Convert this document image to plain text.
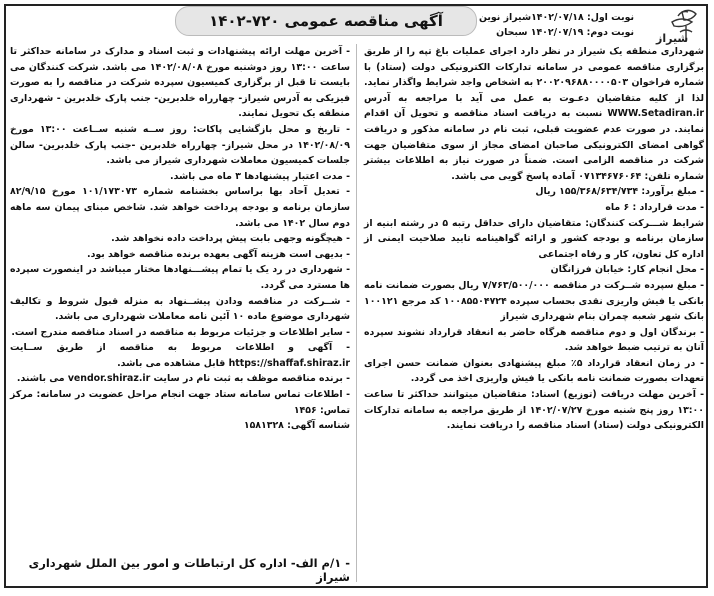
آگهی مناقصه عمومی ۷۲۰-۱۴۰۲
شیراز
نوبت اول: ۱۴۰۲/۰۷/۱۸شیراز نوین
نوبت دوم: ۱۴۰۲/۰۷/۱۹ سبحان

شهرداری منطقه یک شیراز در نظر دارد اجرای عملیات باغ تپه را از طریق برگزاری مناقصه عمومی در سامانه تدارکات الکترونیکی دولت (ستاد) با شماره فراخوان ۲۰۰۲۰۹۶۸۸۰۰۰۰۵۰۳ به اشخاص واجد شرایط واگذار نماید. لذا از کلیه متقاضیان دعـوت به عمل می آید با مراجعه به آدرس WWW.Setadiran.ir نسبت به دریافت اسناد مناقصه و تحویل آن اقدام نمایند. در صورت عدم عضویت قبلی، ثبت نام در سامانه مذکور و دریافت گواهی امضای الکترونیکی صاحبان امضای مجاز از سوی متقاضیان جهت شرکت در مناقصه الزامی است. ضمناً در صورت نیاز به اطلاعات بیشتر شماره تلفن: ۰۷۱۳۴۶۷۶۰۶۴ آماده پاسخ گویی می باشد.

- مبلغ برآورد: ۱۵۵/۳۶۸/۶۳۴/۷۳۴ ریال

- مدت قرارداد : ۶ ماه

شرایط شـــرکت کنندگان: متقاضیان دارای حداقل رتبه ۵ در رشته ابنیه از سازمان برنامه و بودجه کشور و ارائه گواهینامه تایید صلاحیت ایمنی از اداره کل تعاون، کار و رفاه اجتماعی

- محل انجام کار: خیابان فرزانگان

- مبلغ سپرده شــرکت در مناقصه ۷/۷۶۳/۵۰۰/۰۰۰ ریال بصورت ضمانت نامه بانکی یا فیش واریزی نقدی بحساب سپرده ۱۰۰۸۵۵۰۴۷۲۴ کد مرجع ۱۰۰۱۲۱ بانک شهر شعبه چمران بنام شهرداری شیراز

- برندگان اول و دوم مناقصه هرگاه حاضر به انعقاد قرارداد نشوند سپرده آنان به ترتیب ضبط خواهد شد.

- در زمان انعقاد قرارداد ۵٪ مبلغ پیشنهادی بعنوان ضمانت حسن اجرای تعهدات بصورت ضمانت نامه بانکی یا فیش واریزی اخذ می گردد.

- آخرین مهلت دریافت (توزیع) اسناد: متقاضیان میتوانند حداکثر تا ساعت ۱۳:۰۰ روز پنج شنبه مورخ ۱۴۰۲/۰۷/۲۷ از طریق مراجعه به سامانه تدارکات الکترونیکی دولت (ستاد) اسناد مناقصه را دریافت نمایند.

- آخرین مهلت ارائه پیشنهادات و ثبت اسناد و مدارک در سامانه حداکثر تا ساعت ۱۳:۰۰ روز دوشنبه مورخ ۱۴۰۲/۰۸/۰۸ می باشد. شرکت کنندگان می بایست تا قبل از برگزاری کمیسیون سپرده شرکت در مناقصه را به صورت فیزیکی به آدرس شیراز- چهارراه خلدبرین- جنب پارک خلدبرین - شهرداری منطقه یک تحویل نمایند.

- تاریخ و محل بازگشایی پاکات: روز ســه شنبه ســاعت ۱۳:۰۰ مورخ ۱۴۰۲/۰۸/۰۹ در محل شیراز- چهارراه خلدبرین -جنب پارک خلدبرین- سالن جلسات کمیسیون معاملات شهرداری شیراز می باشد.

- مدت اعتبار پیشنهادها ۳ ماه می باشد.

- تعدیل آحاد بها براساس بخشنامه شماره ۱۰۱/۱۷۳۰۷۳ مورخ ۸۲/۹/۱۵ سازمان برنامه و بودجه پرداخت خواهد شد. شاخص مبنای پیمان سه ماهه دوم سال ۱۴۰۲ می باشد.

- هیچگونه وجهی بابت پیش پرداخت داده نخواهد شد.

- بدیهی است هزینه آگهی بعهده برنده مناقصه خواهد بود.

- شهرداری در رد یک یا تمام پیشـــنهادها مختار میباشد در اینصورت سپرده ها مسترد می گردد.

- شــرکت در مناقصه ودادن پیشــنهاد به منزله قبول شروط و تکالیف شهرداری موضوع ماده ۱۰ آئین نامه معاملات شهرداری می باشد.

- سایر اطلاعات و جزئیات مربوط به مناقصه در اسناد مناقصه مندرج است.

- آگهی و اطلاعات مربوط به مناقصه از طریق ســایت https://shaffaf.shiraz.ir قابل مشاهده می باشد.

- برنده مناقصه موظف به ثبت نام در سایت vendor.shiraz.ir می باشند.

- اطلاعات تماس سامانه ستاد جهت انجام مراحل عضویت در سامانه: مرکز تماس: ۱۴۵۶

شناسه آگهی: ۱۵۸۱۳۲۸

- ۱/م الف- اداره کل ارتباطات و امور بین الملل شهرداری شیراز
